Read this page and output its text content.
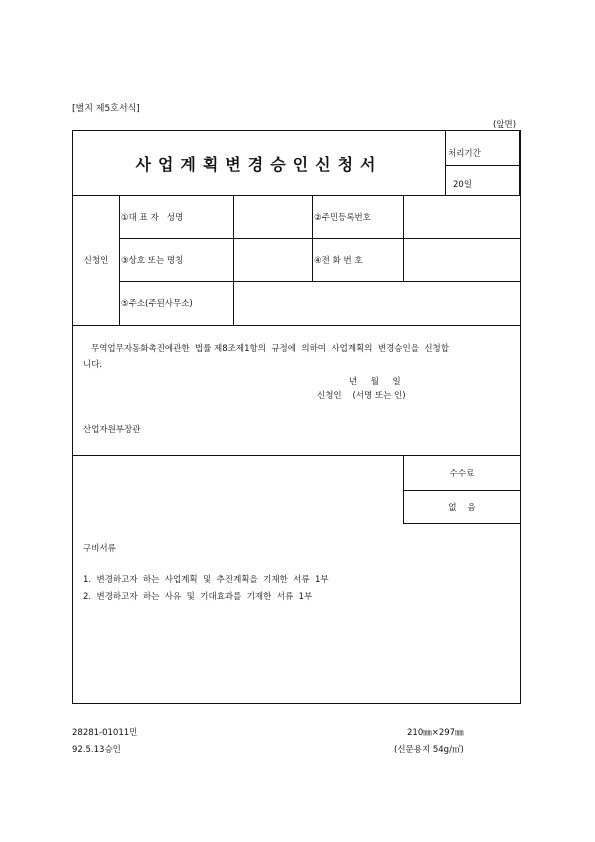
[별지 제5호서식]
(앞면)
사업계획변경승인신청서
처리기간
20일
신청인
①대 표 자   성명	②주민등록번호
③상호 또는 명칭	④전 화 번 호
⑤주소(주된사무소)
무역업무자동화촉진에관한  법률 제8조제1항의  규정에  의하여  사업계획의  변경승인을  신청합
니다.
년     월     일
신청인    (서명 또는 인)
산업자원부장관
수수료
없    음
구비서류
1.  변경하고자  하는  사업계획  및  추진계획을  기재한  서류  1부
2.  변경하고자  하는  사유  및  기대효과를  기재한  서류  1부
28281-01011민
92.5.13승인
210㎜×297㎜
(신문용지 54g/㎡)
